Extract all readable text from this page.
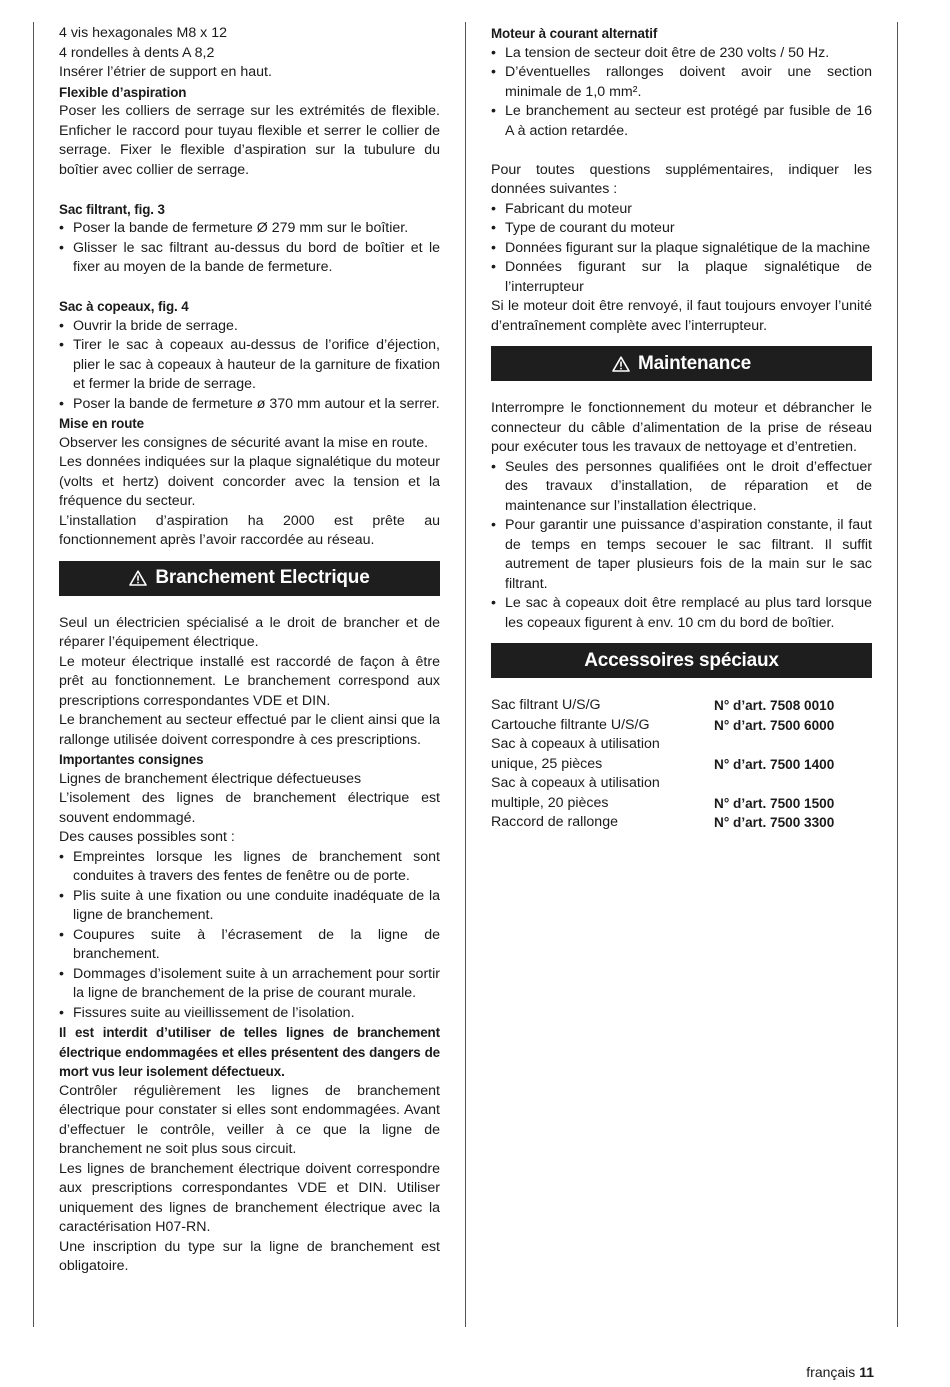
4 vis hexagonales M8 x 12

4 rondelles à dents A 8,2

Insérer l’étrier de support en haut.

Flexible d’aspiration

Poser les colliers de serrage sur les extrémités de flexible. Enficher le raccord pour tuyau flexible et serrer le collier de serrage. Fixer le flexible d’aspiration sur la tubulure du boîtier avec collier de serrage.

Sac filtrant, fig. 3

• Poser la bande de fermeture Ø 279 mm sur le boîtier.
• Glisser le sac filtrant au-dessus du bord de boîtier et le fixer au moyen de la bande de fermeture.

Sac à copeaux, fig. 4

• Ouvrir la bride de serrage.
• Tirer le sac à copeaux au-dessus de l’orifice d’éjection, plier le sac à copeaux à hauteur de la garniture de fixation et fermer la bride de serrage.
• Poser la bande de fermeture ø 370 mm autour et la serrer.

Mise en route

Observer les consignes de sécurité avant la mise en route.

Les données indiquées sur la plaque signalétique du moteur (volts et hertz) doivent concorder avec la tension et la fréquence du secteur.

L’installation d’aspiration ha 2000 est prête au fonctionnement après l’avoir raccordée au réseau.

Branchement Electrique

Seul un électricien spécialisé a le droit de brancher et de réparer l’équipement électrique.

Le moteur électrique installé est raccordé de façon à être prêt au fonctionnement. Le branchement correspond aux prescriptions correspondantes VDE et DIN.

Le branchement au secteur effectué par le client ainsi que la rallonge utilisée doivent correspondre à ces prescriptions.

Importantes consignes

Lignes de branchement électrique défectueuses

L’isolement des lignes de branchement électrique est souvent endommagé.

Des causes possibles sont :

• Empreintes lorsque les lignes de branchement sont conduites à travers des fentes de fenêtre ou de porte.
• Plis suite à une fixation ou une conduite inadéquate de la ligne de branchement.
• Coupures suite à l’écrasement de la ligne de branchement.
• Dommages d’isolement suite à un arrachement pour sortir la ligne de branchement de la prise de courant murale.
• Fissures suite au vieillissement de l’isolation.

Il est interdit d’utiliser de telles lignes de branchement électrique endommagées et elles présentent des dangers de mort vus leur isolement défectueux.

Contrôler régulièrement les lignes de branchement électrique pour constater si elles sont endommagées. Avant d’effectuer le contrôle, veiller à ce que la ligne de branchement ne soit plus sous circuit.

Les lignes de branchement électrique doivent correspondre aux prescriptions correspondantes VDE et DIN. Utiliser uniquement des lignes de branchement électrique avec la caractérisation H07-RN.

Une inscription du type sur la ligne de branchement est obligatoire.

Moteur à courant alternatif

• La tension de secteur doit être de 230 volts / 50 Hz.
• D’éventuelles rallonges doivent avoir une section minimale de 1,0 mm².
• Le branchement au secteur est protégé par fusible de 16 A à action retardée.

Pour toutes questions supplémentaires, indiquer les données suivantes :

• Fabricant du moteur
• Type de courant du moteur
• Données figurant sur la plaque signalétique de la machine
• Données figurant sur la plaque signalétique de l’interrupteur

Si le moteur doit être renvoyé, il faut toujours envoyer l’unité d’entraînement complète avec l’interrupteur.

Maintenance

Interrompre le fonctionnement du moteur et débrancher le connecteur du câble d’alimentation de la prise de réseau pour exécuter tous les travaux de nettoyage et d’entretien.

• Seules des personnes qualifiées ont le droit d’effectuer des travaux d’installation, de réparation et de maintenance sur l’installation électrique.
• Pour garantir une puissance d’aspiration constante, il faut de temps en temps secouer le sac filtrant. Il suffit autrement de taper plusieurs fois de la main sur le sac filtrant.
• Le sac à copeaux doit être remplacé au plus tard lorsque les copeaux figurent à env. 10 cm du bord de boîtier.
Accessoires spéciaux
Sac filtrant U/S/G	N° d’art. 7508 0010
Cartouche filtrante U/S/G	N° d’art. 7500 6000
Sac à copeaux à utilisation	
unique, 25 pièces	N° d’art. 7500 1400
Sac à copeaux à utilisation	
multiple, 20 pièces	N° d’art. 7500 1500
Raccord de rallonge	N° d’art. 7500 3300
français 11
